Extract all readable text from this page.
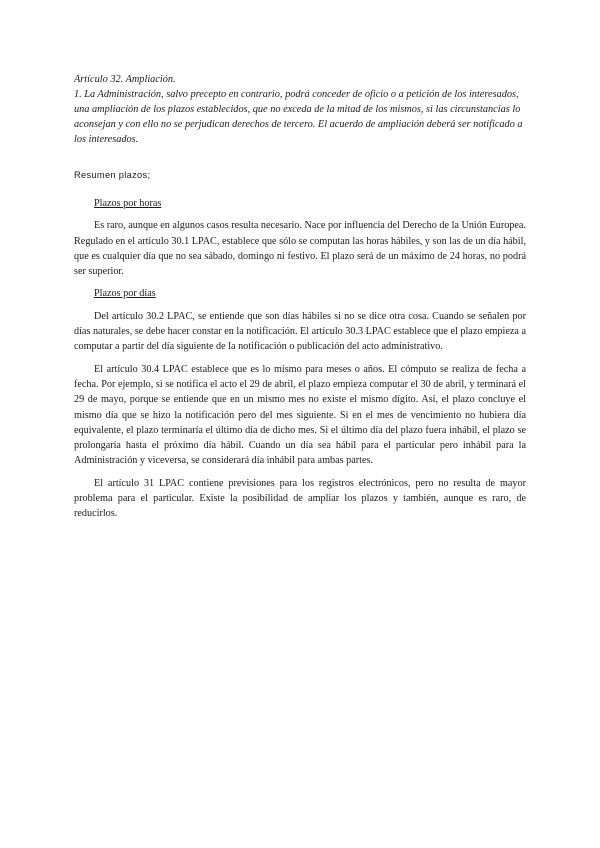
Artículo 32. Ampliación.

1. La Administración, salvo precepto en contrario, podrá conceder de oficio o a petición de los interesados, una ampliación de los plazos establecidos, que no exceda de la mitad de los mismos, si las circunstancias lo aconsejan y con ello no se perjudican derechos de tercero. El acuerdo de ampliación deberá ser notificado a los interesados.

Resumen plazos;

Plazos por horas

Es raro, aunque en algunos casos resulta necesario. Nace por influencia del Derecho de la Unión Europea. Regulado en el artículo 30.1 LPAC, establece que sólo se computan las horas hábiles, y son las de un día hábil, que es cualquier día que no sea sábado, domingo ni festivo. El plazo será de un máximo de 24 horas, no podrá ser superior.

Plazos por días

Del artículo 30.2 LPAC, se entiende que son días hábiles si no se dice otra cosa. Cuando se señalen por días naturales, se debe hacer constar en la notificación. El artículo 30.3 LPAC establece que el plazo empieza a computar a partir del día siguiente de la notificación o publicación del acto administrativo.

El artículo 30.4 LPAC establece que es lo mismo para meses o años. El cómputo se realiza de fecha a fecha. Por ejemplo, si se notifica el acto el 29 de abril, el plazo empieza computar el 30 de abril, y terminará el 29 de mayo, porque se entiende que en un mismo mes no existe el mismo dígito. Así, el plazo concluye el mismo día que se hizo la notificación pero del mes siguiente. Si en el mes de vencimiento no hubiera día equivalente, el plazo terminaría el último día de dicho mes. Si el último día del plazo fuera inhábil, el plazo se prolongaría hasta el próximo día hábil. Cuando un día sea hábil para el particular pero inhábil para la Administración y viceversa, se considerará día inhábil para ambas partes.

El artículo 31 LPAC contiene previsiones para los registros electrónicos, pero no resulta de mayor problema para el particular. Existe la posibilidad de ampliar los plazos y también, aunque es raro, de reducirlos.
